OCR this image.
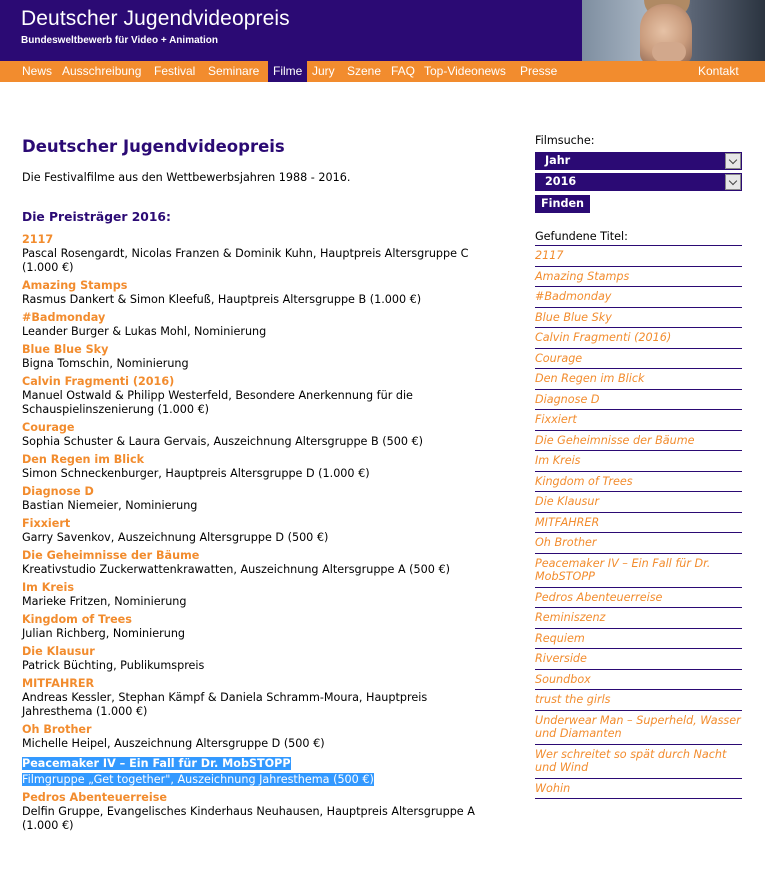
Deutscher Jugendvideopreis
Bundesweltbewerb für Video + Animation
News Ausschreibung Festival Seminare	Filme Jury Szene FAQ Top-Videonews Presse	Kontakt
Deutscher Jugendvideopreis
Die Festivalfilme aus den Wettbewerbsjahren 1988 - 2016.
Die Preisträger 2016:
2117
Pascal Rosengardt, Nicolas Franzen & Dominik Kuhn, Hauptpreis Altersgruppe C (1.000 €)
Amazing Stamps
Rasmus Dankert & Simon Kleefuß, Hauptpreis Altersgruppe B (1.000 €)
#Badmonday
Leander Burger & Lukas Mohl, Nominierung
Blue Blue Sky
Bigna Tomschin, Nominierung
Calvin Fragmenti (2016)
Manuel Ostwald & Philipp Westerfeld, Besondere Anerkennung für die Schauspielinszenierung (1.000 €)
Courage
Sophia Schuster & Laura Gervais, Auszeichnung Altersgruppe B (500 €)
Den Regen im Blick
Simon Schneckenburger, Hauptpreis Altersgruppe D (1.000 €)
Diagnose D
Bastian Niemeier, Nominierung
Fixxiert
Garry Savenkov, Auszeichnung Altersgruppe D (500 €)
Die Geheimnisse der Bäume
Kreativstudio Zuckerwattenkrawatten, Auszeichnung Altersgruppe A (500 €)
Im Kreis
Marieke Fritzen, Nominierung
Kingdom of Trees
Julian Richberg, Nominierung
Die Klausur
Patrick Büchting, Publikumspreis
MITFAHRER
Andreas Kessler, Stephan Kämpf & Daniela Schramm-Moura, Hauptpreis Jahresthema (1.000 €)
Oh Brother
Michelle Heipel, Auszeichnung Altersgruppe D (500 €)
Peacemaker IV – Ein Fall für Dr. MobSTOPP
Filmgruppe „Get together", Auszeichnung Jahresthema (500 €)
Pedros Abenteuerreise
Delfin Gruppe, Evangelisches Kinderhaus Neuhausen, Hauptpreis Altersgruppe A (1.000 €)
Filmsuche:
Jahr
2016
Finden
Gefundene Titel:
2117
Amazing Stamps
#Badmonday
Blue Blue Sky
Calvin Fragmenti (2016)
Courage
Den Regen im Blick
Diagnose D
Fixxiert
Die Geheimnisse der Bäume
Im Kreis
Kingdom of Trees
Die Klausur
MITFAHRER
Oh Brother
Peacemaker IV – Ein Fall für Dr. MobSTOPP
Pedros Abenteuerreise
Reminiszenz
Requiem
Riverside
Soundbox
trust the girls
Underwear Man – Superheld, Wasser und Diamanten
Wer schreitet so spät durch Nacht und Wind
Wohin
